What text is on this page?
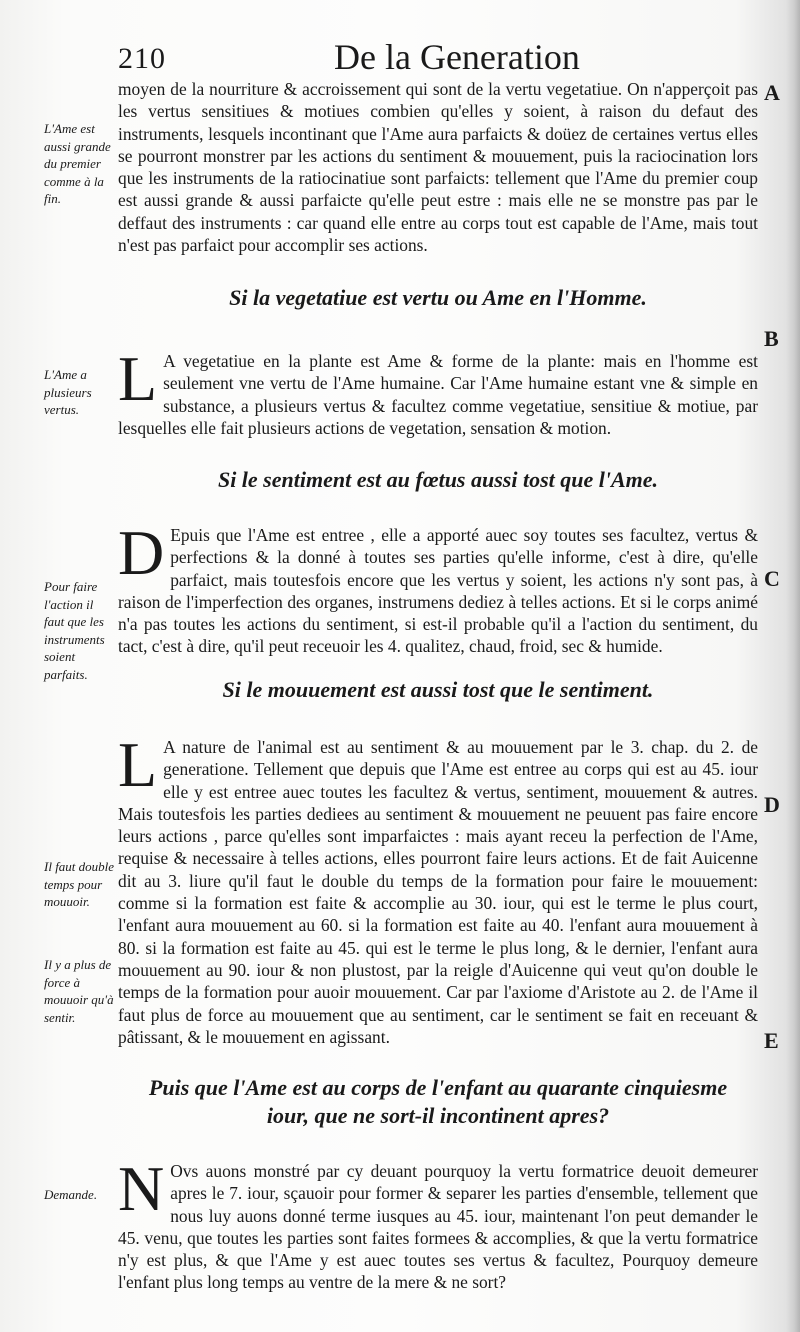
210	De la Generation

moyen de la nourriture & accroissement qui sont de la vertu vegetatiue. On n'apperçoit pas les vertus sensitiues & motiues combien qu'elles y soient, à raison du defaut des instruments, lesquels incontinant que l'Ame aura parfaicts & doüez de certaines vertus elles se pourront monstrer par les actions du sentiment & mouuement, puis la raciocination lors que les instruments de la ratiocinatiue sont parfaicts: tellement que l'Ame du premier coup est aussi grande & aussi parfaicte qu'elle peut estre : mais elle ne se monstre pas par le deffaut des instruments : car quand elle entre au corps tout est capable de l'Ame, mais tout n'est pas parfaict pour accomplir ses actions.

L'Ame est aussi grande du premier comme à la fin.

Si la vegetatiue est vertu ou Ame en l'Homme.

L A vegetatiue en la plante est Ame & forme de la plante: mais en l'homme est seulement vne vertu de l'Ame humaine. Car l'Ame humaine estant vne & simple en substance, a plusieurs vertus & facultez comme vegetatiue, sensitiue & motiue, par lesquelles elle fait plusieurs actions de vegetation, sensation & motion.

L'Ame a plusieurs vertus.

Si le sentiment est au fœtus aussi tost que l'Ame.

D Epuis que l'Ame est entree , elle a apporté auec soy toutes ses facultez, vertus & perfections & la donné à toutes ses parties qu'elle informe, c'est à dire, qu'elle parfaict, mais toutesfois encore que les vertus y soient, les actions n'y sont pas, à raison de l'imperfection des organes, instrumens dediez à telles actions. Et si le corps animé n'a pas toutes les actions du sentiment, si est-il probable qu'il a l'action du sentiment, du tact, c'est à dire, qu'il peut receuoir les 4. qualitez, chaud, froid, sec & humide.

Pour faire l'action il faut que les instruments soient parfaits.

Si le mouuement est aussi tost que le sentiment.

L A nature de l'animal est au sentiment & au mouuement par le 3. chap. du 2. de generatione. Tellement que depuis que l'Ame est entree au corps qui est au 45. iour elle y est entree auec toutes les facultez & vertus, sentiment, mouuement & autres. Mais toutesfois les parties dediees au sentiment & mouuement ne peuuent pas faire encore leurs actions , parce qu'elles sont imparfaictes : mais ayant receu la perfection de l'Ame, requise & necessaire à telles actions, elles pourront faire leurs actions. Et de fait Auicenne dit au 3. liure qu'il faut le double du temps de la formation pour faire le mouuement: comme si la formation est faite & accomplie au 30. iour, qui est le terme le plus court, l'enfant aura mouuement au 60. si la formation est faite au 40. l'enfant aura mouuement à 80. si la formation est faite au 45. qui est le terme le plus long, & le dernier, l'enfant aura mouuement au 90. iour & non plustost, par la reigle d'Auicenne qui veut qu'on double le temps de la formation pour auoir mouuement. Car par l'axiome d'Aristote au 2. de l'Ame il faut plus de force au mouuement que au sentiment, car le sentiment se fait en receuant & pâtissant, & le mouuement en agissant.

Il faut double temps pour mouuoir.

Il y a plus de force à mouuoir qu'à sentir.

Puis que l'Ame est au corps de l'enfant au quarante cinquiesme
iour, que ne sort-il incontinent apres?

N Ovs auons monstré par cy deuant pourquoy la vertu formatrice deuoit demeurer apres le 7. iour, sçauoir pour former & separer les parties d'ensemble, tellement que nous luy auons donné terme iusques au 45. iour, maintenant l'on peut demander le 45. venu, que toutes les parties sont faites formees & accomplies, & que la vertu formatrice n'y est plus, & que l'Ame y est auec toutes ses vertus & facultez, Pourquoy demeure l'enfant plus long temps au ventre de la mere & ne sort?

Demande.

A
B
C
D
E
